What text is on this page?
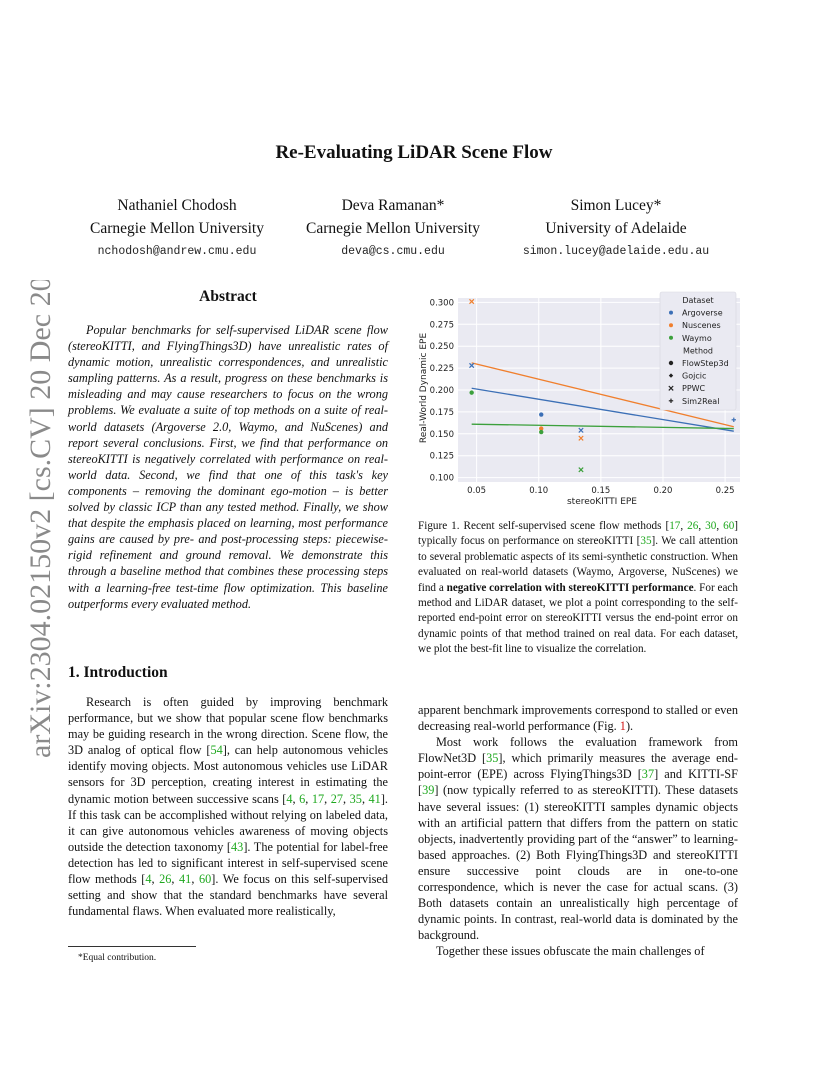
arXiv:2304.02150v2 [cs.CV] 20 Dec 2023
Re-Evaluating LiDAR Scene Flow
Nathaniel Chodosh
Carnegie Mellon University
nchodosh@andrew.cmu.edu
Deva Ramanan*
Carnegie Mellon University
deva@cs.cmu.edu
Simon Lucey*
University of Adelaide
simon.lucey@adelaide.edu.au
Abstract
Popular benchmarks for self-supervised LiDAR scene flow (stereoKITTI, and FlyingThings3D) have unrealistic rates of dynamic motion, unrealistic correspondences, and unrealistic sampling patterns. As a result, progress on these benchmarks is misleading and may cause researchers to focus on the wrong problems. We evaluate a suite of top methods on a suite of real-world datasets (Argoverse 2.0, Waymo, and NuScenes) and report several conclusions. First, we find that performance on stereoKITTI is negatively correlated with performance on real-world data. Second, we find that one of this task's key components – removing the dominant ego-motion – is better solved by classic ICP than any tested method. Finally, we show that despite the emphasis placed on learning, most performance gains are caused by pre- and post-processing steps: piecewise-rigid refinement and ground removal. We demonstrate this through a baseline method that combines these processing steps with a learning-free test-time flow optimization. This baseline outperforms every evaluated method.
1. Introduction
Research is often guided by improving benchmark performance, but we show that popular scene flow benchmarks may be guiding research in the wrong direction. Scene flow, the 3D analog of optical flow [54], can help autonomous vehicles identify moving objects. Most autonomous vehicles use LiDAR sensors for 3D perception, creating interest in estimating the dynamic motion between successive scans [4, 6, 17, 27, 35, 41]. If this task can be accomplished without relying on labeled data, it can give autonomous vehicles awareness of moving objects outside the detection taxonomy [43]. The potential for label-free detection has led to significant interest in self-supervised scene flow methods [4, 26, 41, 60]. We focus on this self-supervised setting and show that the standard benchmarks have several fundamental flaws. When evaluated more realistically,
*Equal contribution.
0.05	0.10	0.15	0.20	0.25
0.100
0.125
0.150
0.175
0.200
0.225
0.250
0.275
0.300
stereoKITTI EPE
Real-World Dynamic EPE
Dataset
Argoverse
Nuscenes
Waymo
Method
FlowStep3d
Gojcic
PPWC
Sim2Real
Figure 1. Recent self-supervised scene flow methods [17, 26, 30, 60] typically focus on performance on stereoKITTI [35]. We call attention to several problematic aspects of its semi-synthetic construction. When evaluated on real-world datasets (Waymo, Argoverse, NuScenes) we find a negative correlation with stereoKITTI performance. For each method and LiDAR dataset, we plot a point corresponding to the self-reported end-point error on stereoKITTI versus the end-point error on dynamic points of that method trained on real data. For each dataset, we plot the best-fit line to visualize the correlation.

apparent benchmark improvements correspond to stalled or even decreasing real-world performance (Fig. 1).

Most work follows the evaluation framework from FlowNet3D [35], which primarily measures the average end-point-error (EPE) across FlyingThings3D [37] and KITTI-SF [39] (now typically referred to as stereoKITTI). These datasets have several issues: (1) stereoKITTI samples dynamic objects with an artificial pattern that differs from the pattern on static objects, inadvertently providing part of the “answer” to learning-based approaches. (2) Both FlyingThings3D and stereoKITTI ensure successive point clouds are in one-to-one correspondence, which is never the case for actual scans. (3) Both datasets contain an unrealistically high percentage of dynamic points. In contrast, real-world data is dominated by the background.

Together these issues obfuscate the main challenges of
